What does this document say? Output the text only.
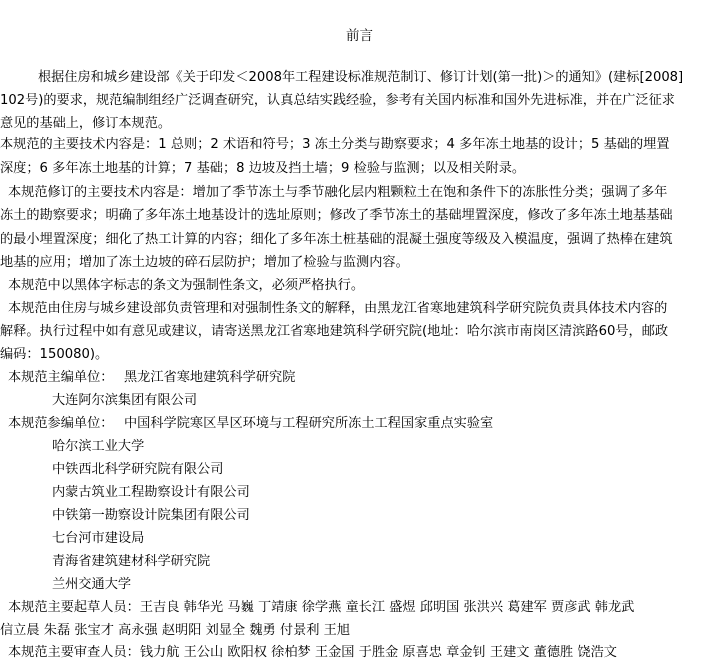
前言

根据住房和城乡建设部《关于印发＜2008年工程建设标准规范制订、修订计划(第一批)＞的通知》(建标[2008]
102号)的要求，规范编制组经广泛调查研究，认真总结实践经验，参考有关国内标准和国外先进标准，并在广泛征求
意见的基础上，修订本规范。

本规范的主要技术内容是：1 总则；2 术语和符号；3 冻土分类与勘察要求；4 多年冻土地基的设计；5 基础的埋置
深度；6 多年冻土地基的计算；7 基础；8 边坡及挡土墙；9 检验与监测；以及相关附录。
本规范修订的主要技术内容是：增加了季节冻土与季节融化层内粗颗粒土在饱和条件下的冻胀性分类；强调了多年
冻土的勘察要求；明确了多年冻土地基设计的选址原则；修改了季节冻土的基础埋置深度，修改了多年冻土地基基础
的最小埋置深度；细化了热工计算的内容；细化了多年冻土桩基础的混凝土强度等级及入模温度，强调了热棒在建筑
地基的应用；增加了冻土边坡的碎石层防护；增加了检验与监测内容。
本规范中以黑体字标志的条文为强制性条文，必须严格执行。
本规范由住房与城乡建设部负责管理和对强制性条文的解释，由黑龙江省寒地建筑科学研究院负责具体技术内容的
解释。执行过程中如有意见或建议，请寄送黑龙江省寒地建筑科学研究院(地址：哈尔滨市南岗区清滨路60号，邮政
编码：150080)。
本规范主编单位： 黑龙江省寒地建筑科学研究院
大连阿尔滨集团有限公司
本规范参编单位： 中国科学院寒区旱区环境与工程研究所冻土工程国家重点实验室
哈尔滨工业大学
中铁西北科学研究院有限公司
内蒙古筑业工程勘察设计有限公司
中铁第一勘察设计院集团有限公司
七台河市建设局
青海省建筑建材科学研究院
兰州交通大学
本规范主要起草人员：王吉良 韩华光 马巍 丁靖康 徐学燕 童长江 盛煜 邱明国 张洪兴 葛建军 贾彦武 韩龙武
信立晨 朱磊 张宝才 高永强 赵明阳 刘显全 魏勇 付景利 王旭
本规范主要审查人员：钱力航 王公山 欧阳权 徐柏梦 王金国 于胜金 原喜忠 章金钊 王建文 董德胜 饶浩文
